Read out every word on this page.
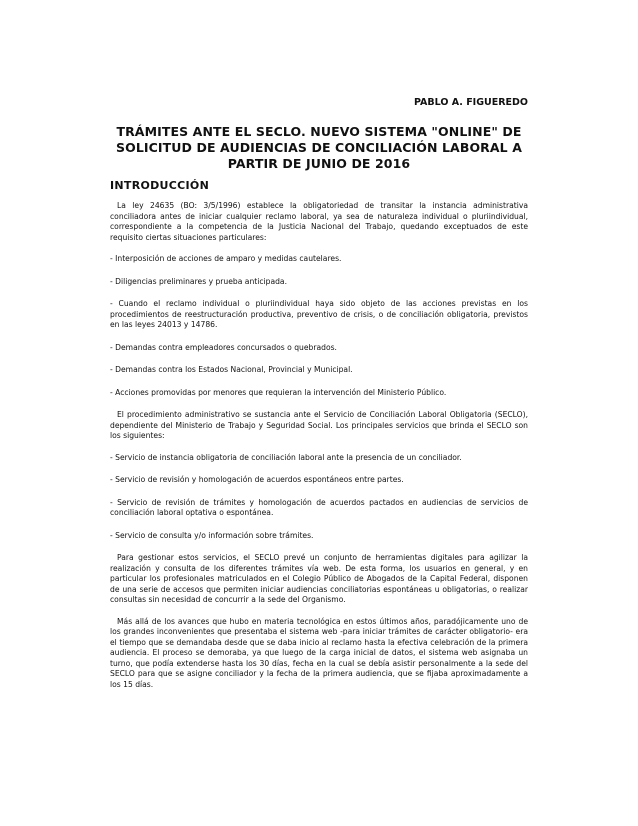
PABLO A. FIGUEREDO
TRÁMITES ANTE EL SECLO. NUEVO SISTEMA "ONLINE" DE SOLICITUD DE AUDIENCIAS DE CONCILIACIÓN LABORAL A PARTIR DE JUNIO DE 2016
INTRODUCCIÓN

La ley 24635 (BO: 3/5/1996) establece la obligatoriedad de transitar la instancia administrativa conciliadora antes de iniciar cualquier reclamo laboral, ya sea de naturaleza individual o pluriindividual, correspondiente a la competencia de la Justicia Nacional del Trabajo, quedando exceptuados de este requisito ciertas situaciones particulares:

- Interposición de acciones de amparo y medidas cautelares.

- Diligencias preliminares y prueba anticipada.

- Cuando el reclamo individual o pluriindividual haya sido objeto de las acciones previstas en los procedimientos de reestructuración productiva, preventivo de crisis, o de conciliación obligatoria, previstos en las leyes 24013 y 14786.

- Demandas contra empleadores concursados o quebrados.

- Demandas contra los Estados Nacional, Provincial y Municipal.

- Acciones promovidas por menores que requieran la intervención del Ministerio Público.

El procedimiento administrativo se sustancia ante el Servicio de Conciliación Laboral Obligatoria (SECLO), dependiente del Ministerio de Trabajo y Seguridad Social. Los principales servicios que brinda el SECLO son los siguientes:

- Servicio de instancia obligatoria de conciliación laboral ante la presencia de un conciliador.

- Servicio de revisión y homologación de acuerdos espontáneos entre partes.

- Servicio de revisión de trámites y homologación de acuerdos pactados en audiencias de servicios de conciliación laboral optativa o espontánea.

- Servicio de consulta y/o información sobre trámites.

Para gestionar estos servicios, el SECLO prevé un conjunto de herramientas digitales para agilizar la realización y consulta de los diferentes trámites vía web. De esta forma, los usuarios en general, y en particular los profesionales matriculados en el Colegio Público de Abogados de la Capital Federal, disponen de una serie de accesos que permiten iniciar audiencias conciliatorias espontáneas u obligatorias, o realizar consultas sin necesidad de concurrir a la sede del Organismo.

Más allá de los avances que hubo en materia tecnológica en estos últimos años, paradójicamente uno de los grandes inconvenientes que presentaba el sistema web -para iniciar trámites de carácter obligatorio- era el tiempo que se demandaba desde que se daba inicio al reclamo hasta la efectiva celebración de la primera audiencia. El proceso se demoraba, ya que luego de la carga inicial de datos, el sistema web asignaba un turno, que podía extenderse hasta los 30 días, fecha en la cual se debía asistir personalmente a la sede del SECLO para que se asigne conciliador y la fecha de la primera audiencia, que se fijaba aproximadamente a los 15 días.
